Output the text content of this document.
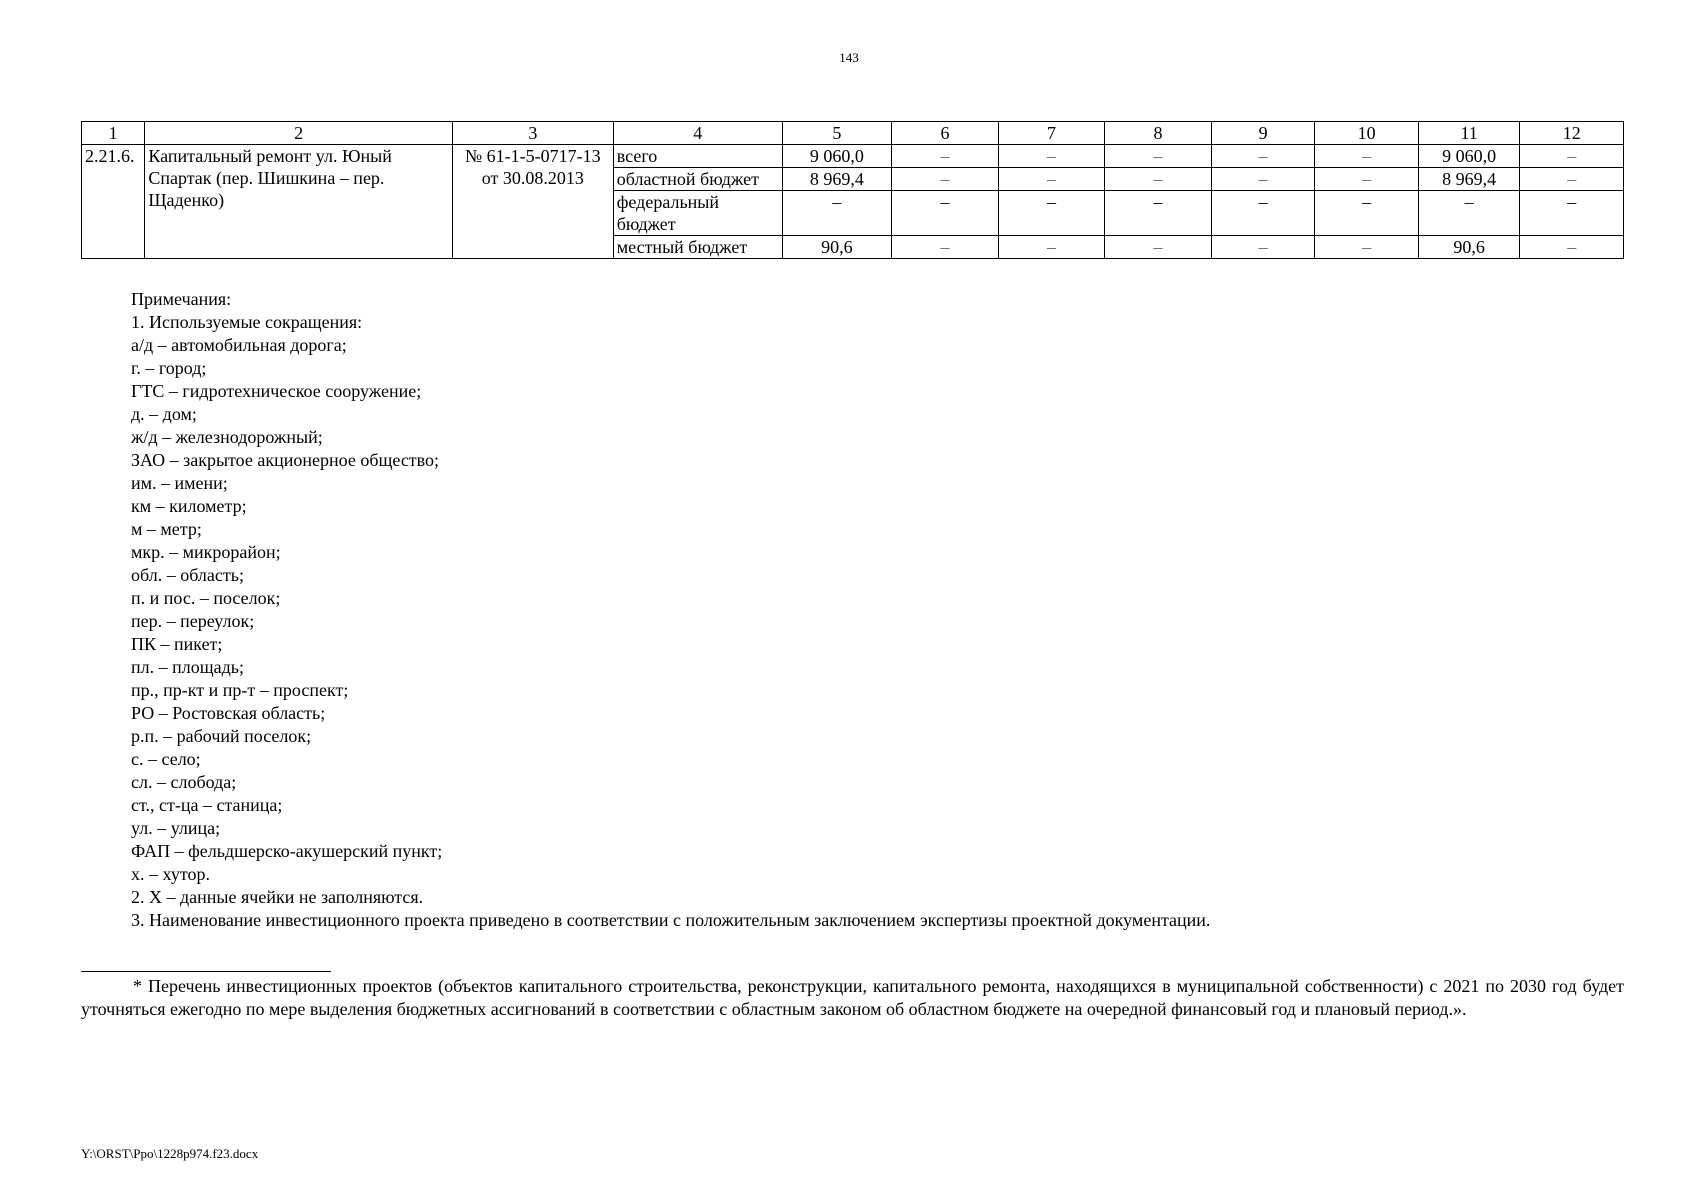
143
1	2	3	4	5	6	7	8	9	10	11	12
2.21.6.	Капитальный ремонт ул. Юный Спартак (пер. Шишкина – пер. Щаденко)	№ 61-1-5-0717-13 от 30.08.2013	всего	9 060,0	–	–	–	–	–	9 060,0	–
			областной бюджет	8 969,4	–	–	–	–	–	8 969,4	–
			федеральный бюджет	–	–	–	–	–	–	–	–
			местный бюджет	90,6	–	–	–	–	–	90,6	–
Примечания:
1. Используемые сокращения:
а/д – автомобильная дорога;
г. – город;
ГТС – гидротехническое сооружение;
д. – дом;
ж/д – железнодорожный;
ЗАО – закрытое акционерное общество;
им. – имени;
км – километр;
м – метр;
мкр. – микрорайон;
обл. – область;
п. и пос. – поселок;
пер. – переулок;
ПК – пикет;
пл. – площадь;
пр., пр-кт и пр-т – проспект;
РО – Ростовская область;
р.п. – рабочий поселок;
с. – село;
сл. – слобода;
ст., ст-ца – станица;
ул. – улица;
ФАП – фельдшерско-акушерский пункт;
х. – хутор.
2. Х – данные ячейки не заполняются.
3. Наименование инвестиционного проекта приведено в соответствии с положительным заключением экспертизы проектной документации.
* Перечень инвестиционных проектов (объектов капитального строительства, реконструкции, капитального ремонта, находящихся в муниципальной собственности) с 2021 по 2030 год будет уточняться ежегодно по мере выделения бюджетных ассигнований в соответствии с областным законом об областном бюджете на очередной финансовый год и плановый период.».
Y:\ORST\Ppo\1228p974.f23.docx
